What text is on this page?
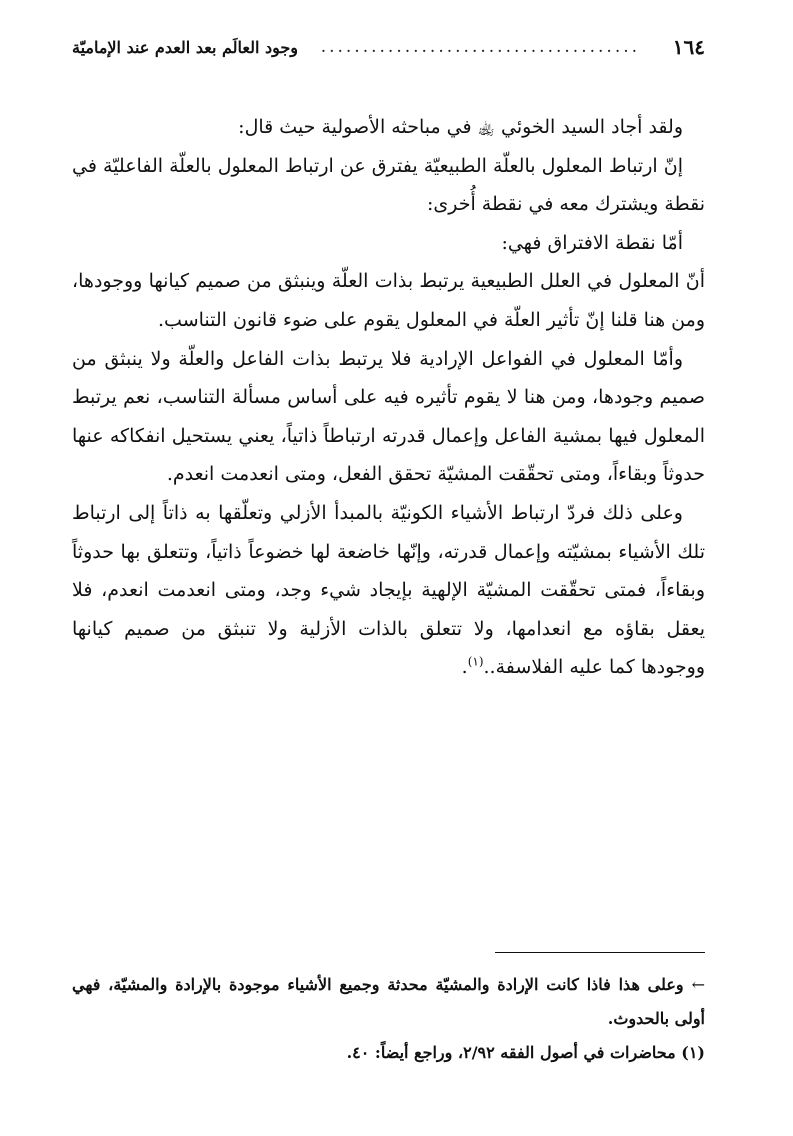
١٦٤
......................................
وجود العالَم بعد العدم عند الإماميّة

ولقد أجاد السيد الخوئي ﵀ في مباحثه الأصولية حيث قال:

إنّ ارتباط المعلول بالعلّة الطبيعيّة يفترق عن ارتباط المعلول بالعلّة الفاعليّة في نقطة ويشترك معه في نقطة أُخرى:

أمّا نقطة الافتراق فهي:

أنّ المعلول في العلل الطبيعية يرتبط بذات العلّة وينبثق من صميم كيانها ووجودها، ومن هنا قلنا إنّ تأثير العلّة في المعلول يقوم على ضوء قانون التناسب.

وأمّا المعلول في الفواعل الإرادية فلا يرتبط بذات الفاعل والعلّة ولا ينبثق من صميم وجودها، ومن هنا لا يقوم تأثيره فيه على أساس مسألة التناسب، نعم يرتبط المعلول فيها بمشية الفاعل وإعمال قدرته ارتباطاً ذاتياً، يعني يستحيل انفكاكه عنها حدوثاً وبقاءاً، ومتى تحقّقت المشيّة تحقق الفعل، ومتى انعدمت انعدم.

وعلى ذلك فردّ ارتباط الأشياء الكونيّة بالمبدأ الأزلي وتعلّقها به ذاتاً إلى ارتباط تلك الأشياء بمشيّته وإعمال قدرته، وإنّها خاضعة لها خضوعاً ذاتياً، وتتعلق بها حدوثاً وبقاءاً، فمتى تحقّقت المشيّة الإلهية بإيجاد شيء وجد، ومتى انعدمت انعدم، فلا يعقل بقاؤه مع انعدامها، ولا تتعلق بالذات الأزلية ولا تنبثق من صميم كيانها ووجودها كما عليه الفلاسفة..$^{(١)}$.

←وعلى هذا فاذا كانت الإرادة والمشيّة محدثة وجميع الأشياء موجودة بالإرادة والمشيّة، فهي أولى بالحدوث.

(١) محاضرات في أصول الفقه ٢/٩٢، وراجع أيضاً: ٤٠.
